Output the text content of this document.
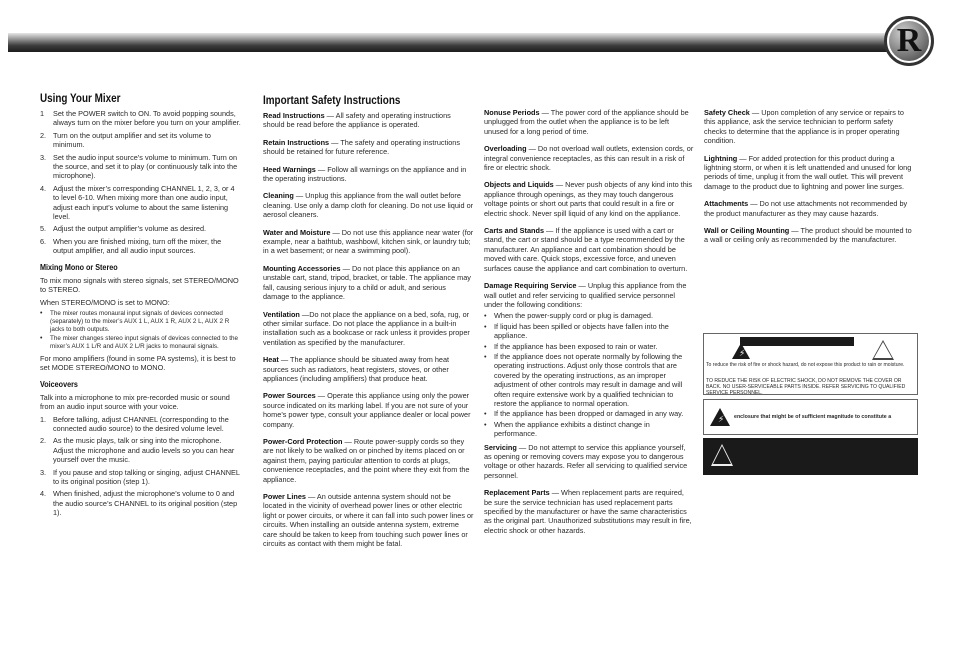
R
Using Your Mixer
1	Set the POWER switch to ON. To avoid popping sounds, always turn on the mixer before you turn on your amplifier.
2. Turn on the output amplifier and set its volume to minimum.
3. Set the audio input source’s volume to minimum. Turn on the source, and set it to play (or continuously talk into the microphone).
4. Adjust the mixer’s corresponding CHANNEL 1, 2, 3, or 4 to level 6-10. When mixing more than one audio input, adjust each input’s volume to about the same listening level.
5. Adjust the output amplifier’s volume as desired.
6. When you are finished mixing, turn off the mixer, the output amplifier, and all audio input sources.
Mixing Mono or Stereo

To mix mono signals with stereo signals, set STEREO/MONO to STEREO.

When STEREO/MONO is set to MONO:

•	The mixer routes monaural input signals of devices connected (separately) to the mixer’s AUX 1 L, AUX 1 R, AUX 2 L, AUX 2 R jacks to both outputs.
•	The mixer changes stereo input signals of devices connected to the mixer’s AUX 1 L/R and AUX 2 L/R jacks to monaural signals.

For mono amplifiers (found in some PA systems), it is best to set MODE STEREO/MONO to MONO.

Voiceovers

Talk into a microphone to mix pre-recorded music or sound from an audio input source with your voice.

1. Before talking, adjust CHANNEL (corresponding to the connected audio source) to the desired volume level.
2. As the music plays, talk or sing into the microphone. Adjust the microphone and audio levels so you can hear yourself over the music.
3. If you pause and stop talking or singing, adjust CHANNEL to its original position (step 1).
4. When finished, adjust the microphone’s volume to 0 and the audio source’s CHANNEL to its original position (step 1).
Important Safety Instructions
Read Instructions — All safety and operating instructions should be read before the appliance is operated.
Retain Instructions — The safety and operating instructions should be retained for future reference.
Heed Warnings — Follow all warnings on the appliance and in the operating instructions.
Cleaning — Unplug this appliance from the wall outlet before cleaning. Use only a damp cloth for cleaning. Do not use liquid or aerosol cleaners.
Water and Moisture — Do not use this appliance near water (for example, near a bathtub, washbowl, kitchen sink, or laundry tub; in a wet basement; or near a swimming pool).
Mounting Accessories — Do not place this appliance on an unstable cart, stand, tripod, bracket, or table. The appliance may fall, causing serious injury to a child or adult, and serious damage to the appliance.
Ventilation —Do not place the appliance on a bed, sofa, rug, or other similar surface. Do not place the appliance in a built-in installation such as a bookcase or rack unless it provides proper ventilation as specified by the manufacturer.
Heat — The appliance should be situated away from heat sources such as radiators, heat registers, stoves, or other appliances (including amplifiers) that produce heat.
Power Sources — Operate this appliance using only the power source indicated on its marking label. If you are not sure of your home’s power type, consult your appliance dealer or local power company.
Power-Cord Protection — Route power-supply cords so they are not likely to be walked on or pinched by items placed on or against them, paying particular attention to cords at plugs, convenience receptacles, and the point where they exit from the appliance.
Power Lines — An outside antenna system should not be located in the vicinity of overhead power lines or other electric light or power circuits, or where it can fall into such power lines or circuits. When installing an outside antenna system, extreme care should be taken to keep from touching such power lines or circuits as contact with them might be fatal.
Nonuse Periods — The power cord of the appliance should be unplugged from the outlet when the appliance is to be left unused for a long period of time.
Overloading — Do not overload wall outlets, extension cords, or integral convenience receptacles, as this can result in a risk of fire or electric shock.
Objects and Liquids — Never push objects of any kind into this appliance through openings, as they may touch dangerous voltage points or short out parts that could result in a fire or electric shock. Never spill liquid of any kind on the appliance.
Carts and Stands — If the appliance is used with a cart or stand, the cart or stand should be a type recommended by the manufacturer. An appliance and cart combination should be moved with care. Quick stops, excessive force, and uneven surfaces cause the appliance and cart combination to overturn.
Damage Requiring Service — Unplug this appliance from the wall outlet and refer servicing to qualified service personnel under the following conditions:
•	When the power-supply cord or plug is damaged.
•	If liquid has been spilled or objects have fallen into the appliance.
•	If the appliance has been exposed to rain or water.
•	If the appliance does not operate normally by following the operating instructions. Adjust only those controls that are covered by the operating instructions, as an improper adjustment of other controls may result in damage and will often require extensive work by a qualified technician to restore the appliance to normal operation.
•	If the appliance has been dropped or damaged in any way.
•	When the appliance exhibits a distinct change in performance.
Servicing — Do not attempt to service this appliance yourself, as opening or removing covers may expose you to dangerous voltage or other hazards. Refer all servicing to qualified service personnel.
Replacement Parts — When replacement parts are required, be sure the service technician has used replacement parts specified by the manufacturer or have the same characteristics as the original part. Unauthorized substitutions may result in fire, electric shock or other hazards.
Safety Check — Upon completion of any service or repairs to this appliance, ask the service technician to perform safety checks to determine that the appliance is in proper operating condition.
Lightning — For added protection for this product during a lightning storm, or when it is left unattended and unused for long periods of time, unplug it from the wall outlet. This will prevent damage to the product due to lightning and power line surges.
Attachments — Do not use attachments not recommended by the product manufacturer as they may cause hazards.
Wall or Ceiling Mounting — The product should be mounted to a wall or ceiling only as recommended by the manufacturer.
⚡
To reduce the risk of fire or shock hazard, do not expose this product to rain or moisture.
TO REDUCE THE RISK OF ELECTRIC SHOCK, DO NOT REMOVE THE COVER OR BACK. NO USER-SERVICEABLE PARTS INSIDE. REFER SERVICING TO QUALIFIED SERVICE PERSONNEL.
⚡ enclosure that might be of sufficient magnitude to constitute a
